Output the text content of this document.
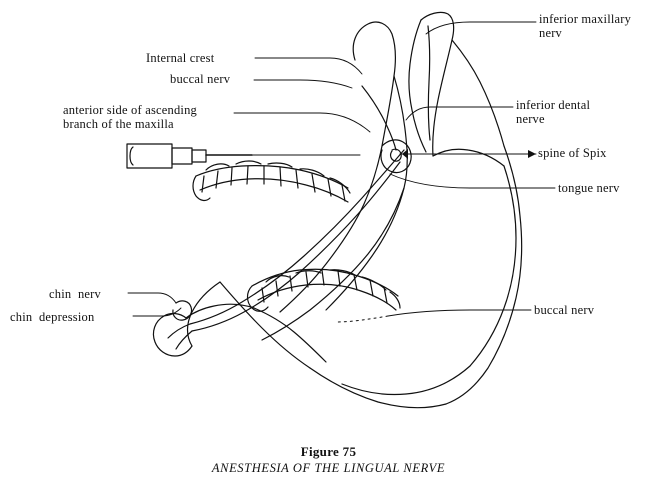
inferior maxillary
nerv
Internal crest
buccal nerv
inferior dental
nerve
anterior side of ascending
branch of the maxilla
spine of Spix
tongue nerv
chin  nerv
chin  depression	buccal nerv
Figure 75
ANESTHESIA OF THE LINGUAL NERVE
